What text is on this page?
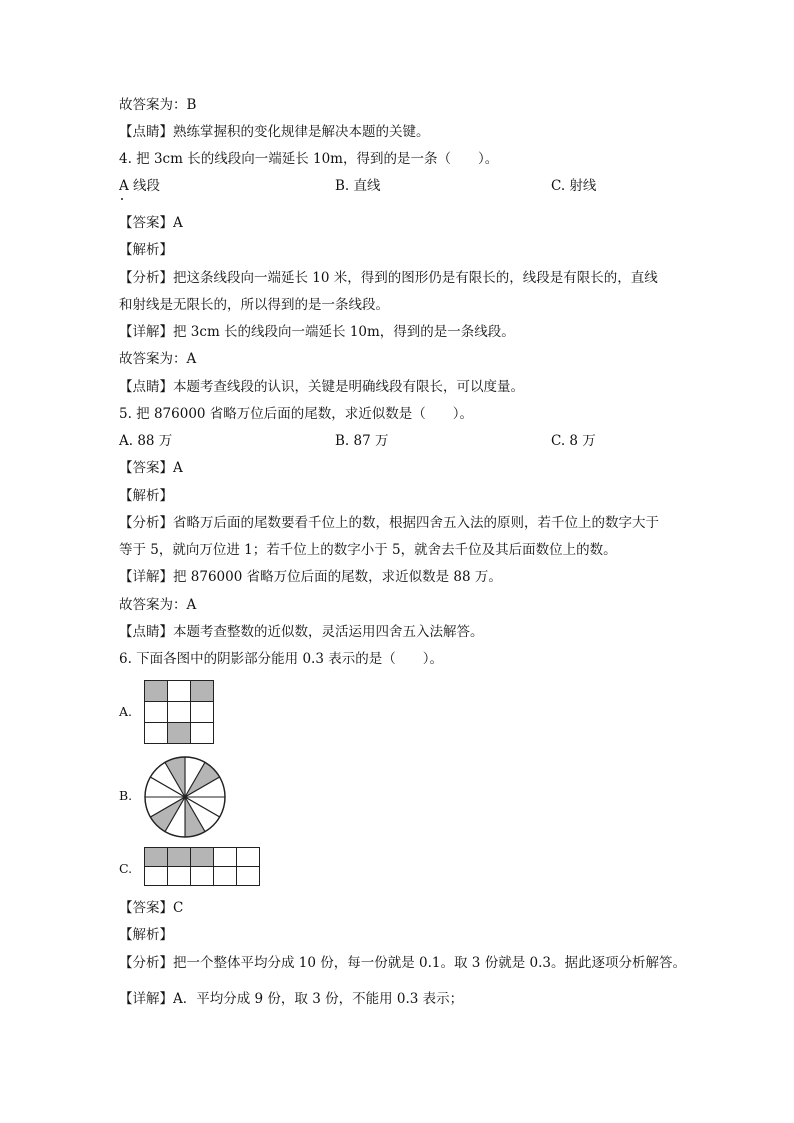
故答案为：B
【点睛】熟练掌握积的变化规律是解决本题的关键。
4. 把 3cm 长的线段向一端延长 10m，得到的是一条（　　）。
A 线段	B. 直线	C. 射线
【答案】A
【解析】
【分析】把这条线段向一端延长 10 米，得到的图形仍是有限长的，线段是有限长的，直线
和射线是无限长的，所以得到的是一条线段。
【详解】把 3cm 长的线段向一端延长 10m，得到的是一条线段。
故答案为：A
【点睛】本题考查线段的认识，关键是明确线段有限长，可以度量。
5. 把 876000 省略万位后面的尾数，求近似数是（　　）。
A. 88 万	B. 87 万	C. 8 万
【答案】A
【解析】
【分析】省略万后面的尾数要看千位上的数，根据四舍五入法的原则，若千位上的数字大于
等于 5，就向万位进 1；若千位上的数字小于 5，就舍去千位及其后面数位上的数。
【详解】把 876000 省略万位后面的尾数，求近似数是 88 万。
故答案为：A
【点睛】本题考查整数的近似数，灵活运用四舍五入法解答。
6. 下面各图中的阴影部分能用 0.3 表示的是（　　）。
A.

B.
C.

【答案】C
【解析】
【分析】把一个整体平均分成 10 份，每一份就是 0.1。取 3 份就是 0.3。据此逐项分析解答。
【详解】A．平均分成 9 份，取 3 份，不能用 0.3 表示；
